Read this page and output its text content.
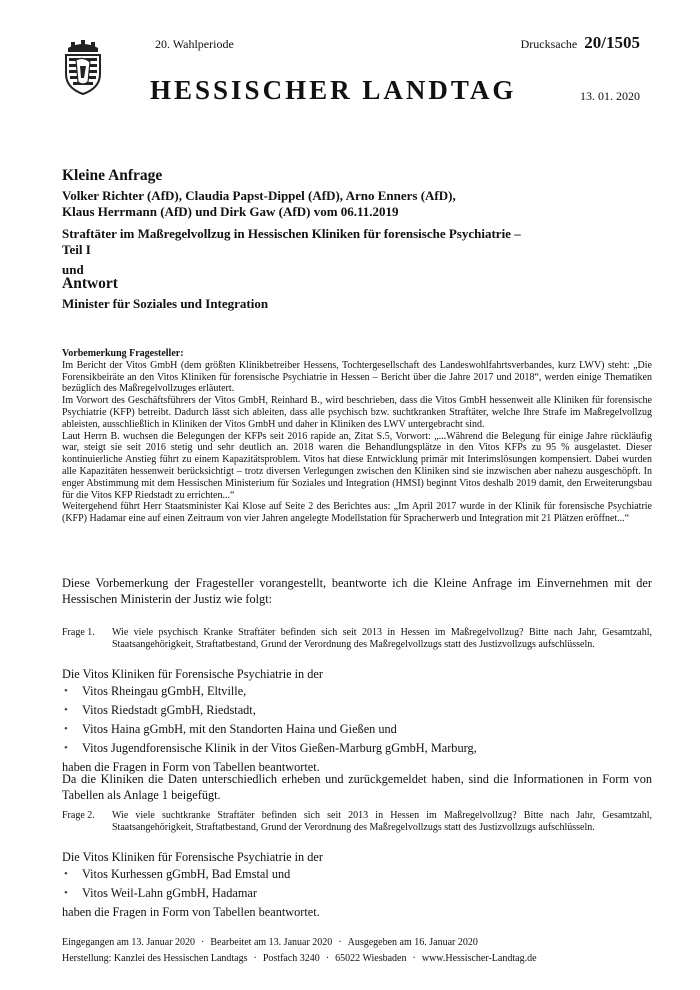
20. Wahlperiode	Drucksache 20/1505
HESSISCHER LANDTAG	13. 01. 2020
Kleine Anfrage
Volker Richter (AfD), Claudia Papst-Dippel (AfD), Arno Enners (AfD),
Klaus Herrmann (AfD) und Dirk Gaw (AfD) vom 06.11.2019
Straftäter im Maßregelvollzug in Hessischen Kliniken für forensische Psychiatrie –
Teil I
und
Antwort
Minister für Soziales und Integration

Vorbemerkung Fragesteller:

Im Bericht der Vitos GmbH (dem größten Klinikbetreiber Hessens, Tochtergesellschaft des Landeswohlfahrtsverbandes, kurz LWV) steht: „Die Forensikbeiräte an den Vitos Kliniken für forensische Psychiatrie in Hessen – Bericht über die Jahre 2017 und 2018“, werden einige Thematiken bezüglich des Maßregelvollzuges erläutert.

Im Vorwort des Geschäftsführers der Vitos GmbH, Reinhard B., wird beschrieben, dass die Vitos GmbH hessenweit alle Kliniken für forensische Psychiatrie (KFP) betreibt. Dadurch lässt sich ableiten, dass alle psychisch bzw. suchtkranken Straftäter, welche Ihre Strafe im Maßregelvollzug ableisten, ausschließlich in Kliniken der Vitos GmbH und daher in Kliniken des LWV untergebracht sind.

Laut Herrn B. wuchsen die Belegungen der KFPs seit 2016 rapide an, Zitat S.5, Vorwort: „...Während die Belegung für einige Jahre rückläufig war, steigt sie seit 2016 stetig und sehr deutlich an. 2018 waren die Behandlungsplätze in den Vitos KFPs zu 95 % ausgelastet. Dieser kontinuierliche Anstieg führt zu einem Kapazitätsproblem. Vitos hat diese Entwicklung primär mit Interimslösungen kompensiert. Dabei wurden alle Kapazitäten hessenweit berücksichtigt – trotz diversen Verlegungen zwischen den Kliniken sind sie inzwischen aber nahezu ausgeschöpft. In enger Abstimmung mit dem Hessischen Ministerium für Soziales und Integration (HMSI) beginnt Vitos deshalb 2019 damit, den Erweiterungsbau für die Vitos KFP Riedstadt zu errichten...“

Weitergehend führt Herr Staatsminister Kai Klose auf Seite 2 des Berichtes aus: „Im April 2017 wurde in der Klinik für forensische Psychiatrie (KFP) Hadamar eine auf einen Zeitraum von vier Jahren angelegte Modellstation für Spracherwerb und Integration mit 21 Plätzen eröffnet...“

Diese Vorbemerkung der Fragesteller vorangestellt, beantworte ich die Kleine Anfrage im Einvernehmen mit der Hessischen Ministerin der Justiz wie folgt:
Frage 1. Wie viele psychisch Kranke Straftäter befinden sich seit 2013 in Hessen im Maßregelvollzug? Bitte nach Jahr, Gesamtzahl, Staatsangehörigkeit, Straftatbestand, Grund der Verordnung des Maßregelvollzugs statt des Justizvollzugs aufschlüsseln.

Die Vitos Kliniken für Forensische Psychiatrie in der

• Vitos Rheingau gGmbH, Eltville,
• Vitos Riedstadt gGmbH, Riedstadt,
• Vitos Haina gGmbH, mit den Standorten Haina und Gießen und
• Vitos Jugendforensische Klinik in der Vitos Gießen-Marburg gGmbH, Marburg,

haben die Fragen in Form von Tabellen beantwortet.

Da die Kliniken die Daten unterschiedlich erheben und zurückgemeldet haben, sind die Informationen in Form von Tabellen als Anlage 1 beigefügt.
Frage 2. Wie viele suchtkranke Straftäter befinden sich seit 2013 in Hessen im Maßregelvollzug? Bitte nach Jahr, Gesamtzahl, Staatsangehörigkeit, Straftatbestand, Grund der Verordnung des Maßregelvollzugs statt des Justizvollzugs aufschlüsseln.

Die Vitos Kliniken für Forensische Psychiatrie in der

• Vitos Kurhessen gGmbH, Bad Emstal und
• Vitos Weil-Lahn gGmbH, Hadamar

haben die Fragen in Form von Tabellen beantwortet.

Eingegangen am 13. Januar 2020 · Bearbeitet am 13. Januar 2020 · Ausgegeben am 16. Januar 2020
Herstellung: Kanzlei des Hessischen Landtags · Postfach 3240 · 65022 Wiesbaden · www.Hessischer-Landtag.de
